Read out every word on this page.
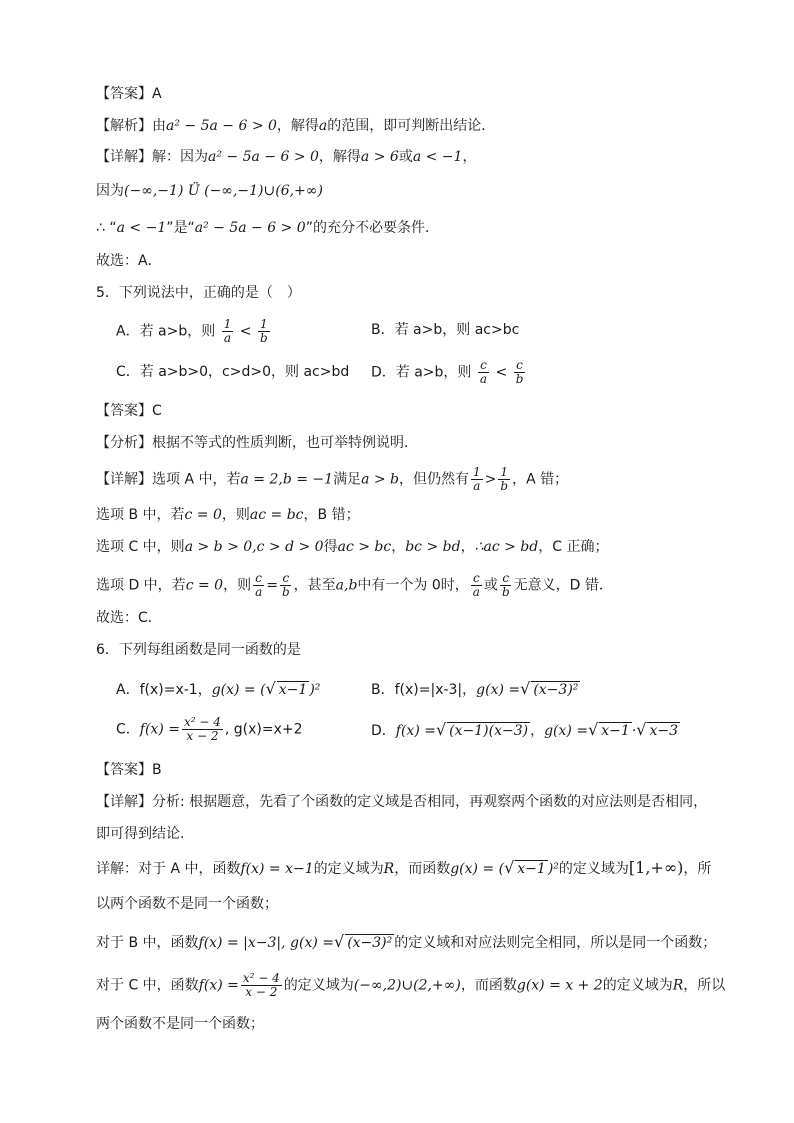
【答案】A
【解析】由a² − 5a − 6 > 0，解得a的范围，即可判断出结论．
【详解】解：因为a² − 5a − 6 > 0，解得a > 6或a < −1，
因为(−∞,−1) Ü (−∞,−1)∪(6,+∞)
∴ “a < −1”是“a² − 5a − 6 > 0”的充分不必要条件．
故选：A．
5．下列说法中，正确的是（　）
A．若 a>b，则 $\frac{1}{a} < \frac{1}{b}$	B．若 a>b，则 ac>bc
C．若 a>b>0，c>d>0，则 ac>bd D．若 a>b，则 $\frac{c}{a} < \frac{c}{b}$
【答案】C
【分析】根据不等式的性质判断，也可举特例说明．
【详解】选项 A 中，若a = 2,b = −1满足a > b，但仍然有 $\frac{1}{a} > \frac{1}{b}$ ，A 错；
选项 B 中，若c = 0，则ac = bc，B 错；
选项 C 中，则a > b > 0,c > d > 0得ac > bc，bc > bd，∴ac > bd，C 正确；
选项 D 中，若c = 0，则 $\frac{c}{a} = \frac{c}{b}$ ，甚至a,b中有一个为 0时， $\frac{c}{a}$ 或 $\frac{c}{b}$ 无意义，D 错．
故选：C．
6．下列每组函数是同一函数的是
A．f(x)=x-1，g(x) = (√ x−1 )²	B．f(x)=|x-3|，g(x) =√ (x−3)²
C．$f(x) = \frac{\text{x² − 4}}{x - 2}$ , g(x)=x+2	D．f(x) =√ (x−1)(x−3) ，g(x) =√ x−1 ·√ x−3
【答案】B
【详解】分析: 根据题意，先看了个函数的定义域是否相同，再观察两个函数的对应法则是否相同，
即可得到结论.
详解：对于 A 中，函数f(x) = x−1的定义域为R，而函数g(x) = (√ x−1 )²的定义域为[1,+∞)，所
以两个函数不是同一个函数；
对于 B 中，函数f(x) = |x−3|, g(x) =√ (x−3)² 的定义域和对应法则完全相同，所以是同一个函数；
对于 C 中，函数$f(x) = \frac{\text{x² − 4}}{x - 2}$ 的定义域为(−∞,2)∪(2,+∞)，而函数g(x) = x + 2的定义域为R，所以
两个函数不是同一个函数；
